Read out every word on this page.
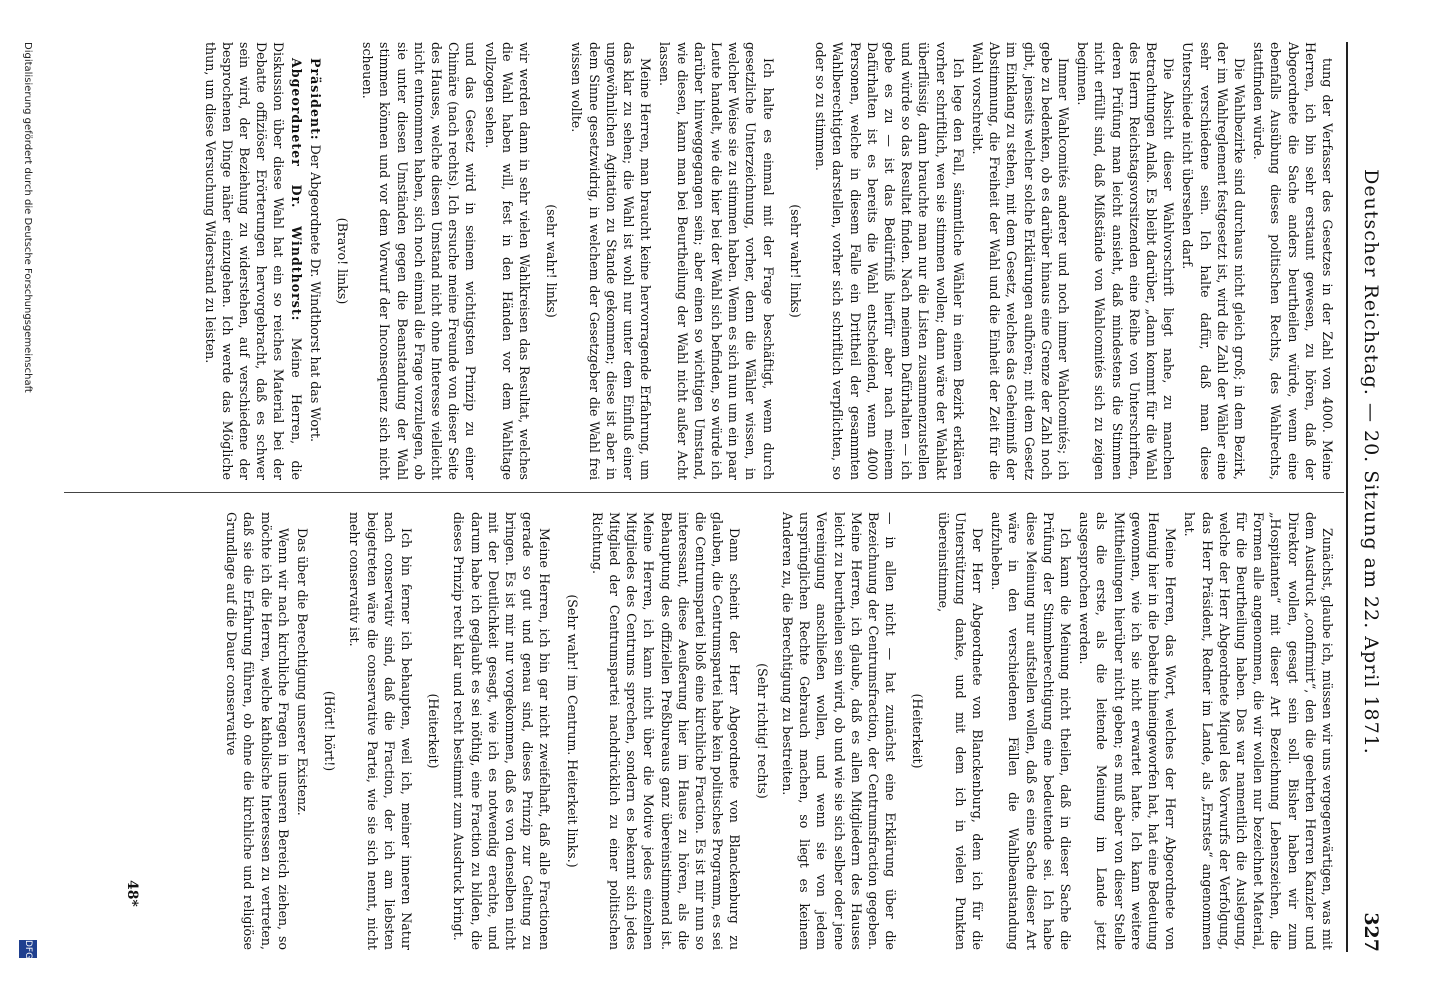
Deutscher Reichstag. — 20. Sitzung am 22. April 1871.
327

tung der Verfasser des Gesetzes in der Zahl von 4000. Meine Herren, ich bin sehr erstaunt gewesen, zu hören, daß der Abgeordnete die Sache anders beurtheilen würde, wenn eine ebenfalls Ausübung dieses politischen Rechts, des Wahlrechts, stattfinden würde.

Die Wahlbezirke sind durchaus nicht gleich groß; in dem Bezirk, der im Wahlreglement festgesetzt ist, wird die Zahl der Wähler eine sehr verschiedene sein. Ich halte dafür, daß man diese Unterschiede nicht übersehen darf.

Die Absicht dieser Wahlvorschrift liegt nahe, zu manchen Betrachtungen Anlaß. Es bleibt darüber, „dann kommt für die Wahl des Herrn Reichstagsvorsitzenden eine Reihe von Unterschriften, deren Prüfung man leicht ansieht, daß mindestens die Stimmen nicht erfüllt sind, daß Mißstände von Wahlcomités sich zu zeigen beginnen.

Immer Wahlcomités anderer und noch immer Wahlcomités; ich gebe zu bedenken, ob es darüber hinaus eine Grenze der Zahl noch gibt, jenseits welcher solche Erklärungen aufhören; mit dem Gesetz im Einklang zu stehen, mit dem Gesetz, welches das Geheimniß der Abstimmung, die Freiheit der Wahl und die Einheit der Zeit für die Wahl vorschreibt.

Ich lege den Fall, sämmtliche Wähler in einem Bezirk erklären vorher schriftlich, wen sie stimmen wollen; dann wäre der Wahlakt überflüssig, dann brauchte man nur die Listen zusammenzustellen und würde so das Resultat finden. Nach meinem Dafürhalten — ich gebe es zu — ist das Bedürfniß hierfür aber nach meinem Dafürhalten ist es bereits die Wahl entscheidend, wenn 4000 Personen, welche in diesem Falle ein Drittheil der gesammten Wahlberechtigten darstellen, vorher sich schriftlich verpflichten, so oder so zu stimmen.

(sehr wahr! links)

Ich halte es einmal mit der Frage beschäftigt, wenn durch gesetzliche Unterzeichnung, vorher, denn die Wähler wissen, in welcher Weise sie zu stimmen haben. Wenn es sich nun um ein paar Leute handelt, wie die hier bei der Wahl sich befinden, so würde ich darüber hinweggegangen sein; aber einen so wichtigen Umstand, wie diesen, kann man bei Beurtheilung der Wahl nicht außer Acht lassen.

Meine Herren, man braucht keine hervorragende Erfahrung, um das klar zu sehen; die Wahl ist wohl nur unter dem Einfluß einer ungewöhnlichen Agitation zu Stande gekommen; diese ist aber in dem Sinne gesetzwidrig, in welchem der Gesetzgeber die Wahl frei wissen wollte.

(sehr wahr! links)

wir werden dann in sehr vielen Wahlkreisen das Resultat, welches die Wahl haben will, fest in den Händen vor dem Wahltage vollzogen sehen.

und das Gesetz wird in seinem wichtigsten Prinzip zu einer Chimäre (nach rechts). Ich ersuche meine Freunde von dieser Seite des Hauses, welche diesen Umstand nicht ohne Interesse vielleicht nicht entnommen haben, sich noch einmal die Frage vorzulegen, ob sie unter diesen Umständen gegen die Beanstandung der Wahl stimmen können und vor dem Vorwurf der Inconsequenz sich nicht scheuen.

(Bravo! links)

Präsident: Der Abgeordnete Dr. Windthorst hat das Wort.

Abgeordneter Dr. Windthorst: Meine Herren, die Diskussion über diese Wahl hat ein so reiches Material bei der Debatte offiziöser Erörterungen hervorgebracht, daß es schwer sein wird, der Beziehung zu widerstehen, auf verschiedene der besprochenen Dinge näher einzugehen. Ich werde das Mögliche thun, um diese Versuchung Widerstand zu leisten.

Zunächst, glaube ich, müssen wir uns vergegenwärtigen, was mit dem Ausdruck „confirmirt“, den die geehrten Herren Kanzler und Direktor wollen, gesagt sein soll. Bisher haben wir zum „Hospitanten“ mit dieser Art Bezeichnung Lebenszeichen, die Formen alle angenommen, die wir wollen nur bezeichnet Material, für die Beurtheilung haben. Das war namentlich die Auslegung, welche der Herr Abgeordnete Miquel des Vorwurfs der Verfolgung, das Herr Präsident, Redner im Lande, als „Ernstes“ angenommen hat.

Meine Herren, das Wort, welches der Herr Abgeordnete von Hennig hier in die Debatte hineingeworfen hat, hat eine Bedeutung gewonnen, wie ich sie nicht erwartet hatte. Ich kann weitere Mittheilungen hierüber nicht geben; es muß aber von dieser Stelle als die erste, als die leitende Meinung im Lande jetzt ausgesprochen werden.

Ich kann die Meinung nicht theilen, daß in dieser Sache die Prüfung der Stimmberechtigung eine bedeutende sei. Ich habe diese Meinung nur aufstellen wollen, daß es eine Sache dieser Art wäre in den verschiedenen Fällen die Wahlbeanstandung aufzuheben.

Der Herr Abgeordnete von Blanckenburg, dem ich für die Unterstützung danke, und mit dem ich in vielen Punkten übereinstimme,

(Heiterkeit)

— in allen nicht — hat zunächst eine Erklärung über die Bezeichnung der Centrumsfraction, der Centrumsfraction gegeben. Meine Herren, ich glaube, daß es allen Mitgliedern des Hauses leicht zu beurtheilen sein wird, ob und wie sie sich selber oder jene Vereinigung anschließen wollen, und wenn sie von jedem ursprünglichen Rechte Gebrauch machen, so liegt es keinem Anderen zu, die Berechtigung zu bestreiten.

(Sehr richtig! rechts)

Dann scheint der Herr Abgeordnete von Blanckenburg zu glauben, die Centrumspartei habe kein politisches Programm, es sei die Centrumspartei bloß eine kirchliche Fraction. Es ist mir nun so interessant, diese Aeußerung hier im Hause zu hören, als die Behauptung des offiziellen Preßbureaus ganz übereinstimmend ist. Meine Herren, ich kann nicht über die Motive jedes einzelnen Mitgliedes des Centrums sprechen, sondern es bekennt sich jedes Mitglied der Centrumspartei nachdrücklich zu einer politischen Richtung.

(Sehr wahr! im Centrum. Heiterkeit links.)

Meine Herren, ich bin gar nicht zweifelhaft, daß alle Fractionen gerade so gut und genau sind, dieses Prinzip zur Geltung zu bringen. Es ist mir nur vorgekommen, daß es von denselben nicht mit der Deutlichkeit gesagt, wie ich es notwendig erachte, und darum habe ich geglaubt es sei nöthig, eine Fraction zu bilden, die dieses Prinzip recht klar und recht bestimmt zum Ausdruck bringt.

(Heiterkeit)

Ich bin ferner ich behaupten, weil ich, meiner inneren Natur nach conservativ sind, daß die Fraction, der ich am liebsten beigetreten wäre die conservative Partei, wie sie sich nennt, nicht mehr conservativ ist.

(Hört! hört!)

Das über die Berechtigung unserer Existenz.

Wenn wir nach kirchliche Fragen in unseren Bereich ziehen, so möchte ich die Herren, welche katholische Interessen zu vertreten, daß sie die Erfahrung führen, ob ohne die kirchliche und religiöse Grundlage auf die Dauer conservative

48*
Digitalisierung gefördert durch die Deutsche Forschungsgemeinschaft
DFG
